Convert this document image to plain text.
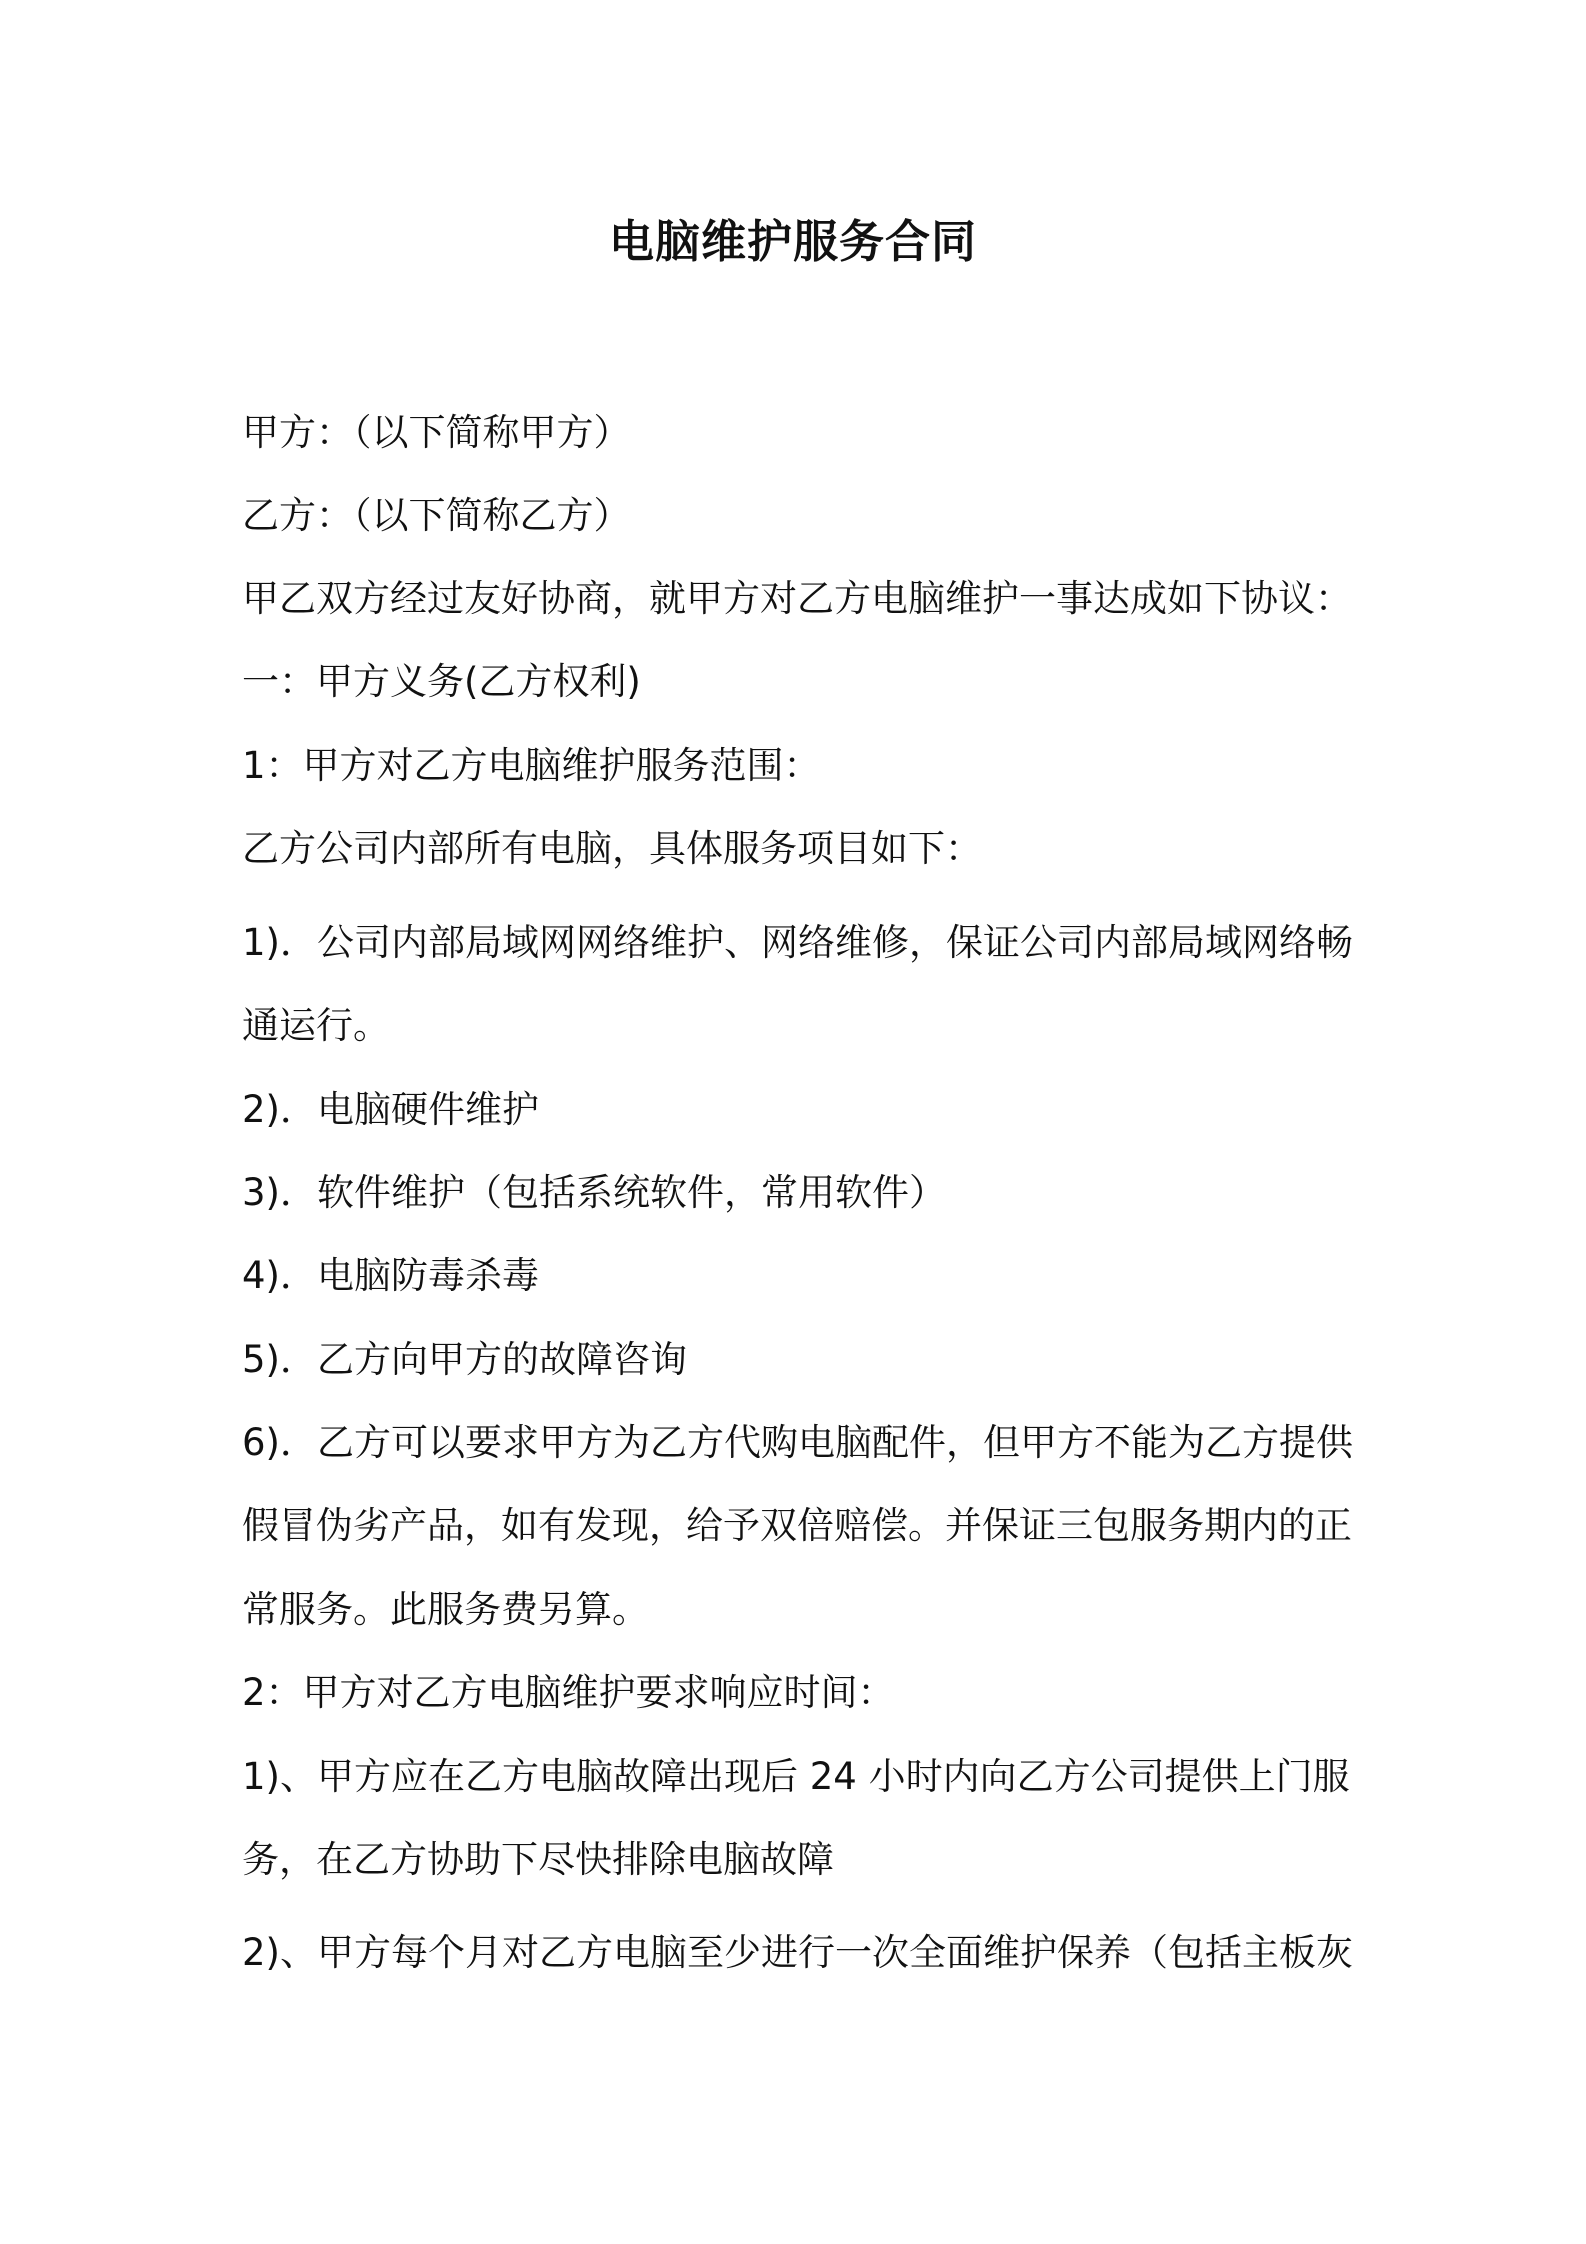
电脑维护服务合同

甲方：（以下简称甲方）

乙方：（以下简称乙方）

甲乙双方经过友好协商，就甲方对乙方电脑维护一事达成如下协议：

一：甲方义务(乙方权利)

1：甲方对乙方电脑维护服务范围：

乙方公司内部所有电脑，具体服务项目如下：

1)．公司内部局域网网络维护、网络维修，保证公司内部局域网络畅

通运行。

2)．电脑硬件维护

3)．软件维护（包括系统软件，常用软件）

4)．电脑防毒杀毒

5)．乙方向甲方的故障咨询

6)．乙方可以要求甲方为乙方代购电脑配件，但甲方不能为乙方提供

假冒伪劣产品，如有发现，给予双倍赔偿。并保证三包服务期内的正

常服务。此服务费另算。

2：甲方对乙方电脑维护要求响应时间：

1)、甲方应在乙方电脑故障出现后 24 小时内向乙方公司提供上门服

务，在乙方协助下尽快排除电脑故障

2)、甲方每个月对乙方电脑至少进行一次全面维护保养（包括主板灰
